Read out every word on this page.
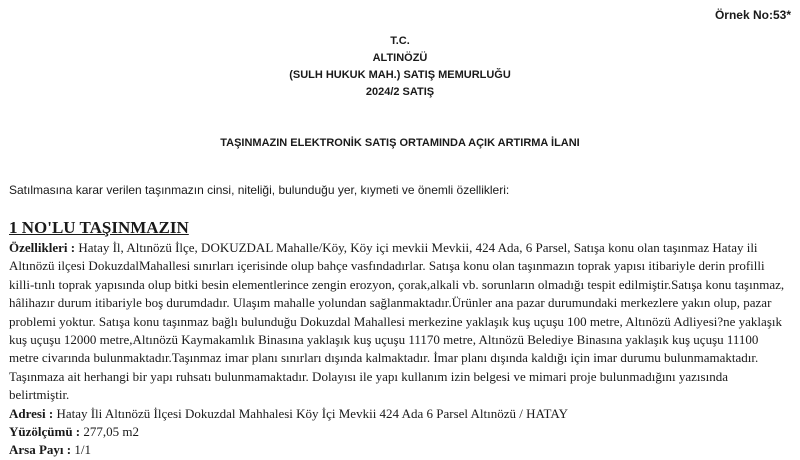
Örnek No:53*
T.C.
ALTINÖZÜ
(SULH HUKUK MAH.) SATIŞ MEMURLUĞU
2024/2 SATIŞ
TAŞINMAZIN ELEKTRONİK SATIŞ ORTAMINDA AÇIK ARTIRMA İLANI
Satılmasına karar verilen taşınmazın cinsi, niteliği, bulunduğu yer, kıymeti ve önemli özellikleri:
1 NO'LU TAŞINMAZIN
Özellikleri : Hatay İl, Altınözü İlçe, DOKUZDAL Mahalle/Köy, Köy içi mevkii Mevkii, 424 Ada, 6 Parsel, Satışa konu olan taşınmaz Hatay ili Altınözü ilçesi DokuzdalMahallesi sınırları içerisinde olup bahçe vasfındadırlar. Satışa konu olan taşınmazın toprak yapısı itibariyle derin profilli killi-tınlı toprak yapısında olup bitki besin elementlerince zengin erozyon, çorak,alkali vb. sorunların olmadığı tespit edilmiştir.Satışa konu taşınmaz, hâlihazır durum itibariyle boş durumdadır. Ulaşım mahalle yolundan sağlanmaktadır.Ürünler ana pazar durumundaki merkezlere yakın olup, pazar problemi yoktur. Satışa konu taşınmaz bağlı bulunduğu Dokuzdal Mahallesi merkezine yaklaşık kuş uçuşu 100 metre, Altınözü Adliyesi?ne yaklaşık kuş uçuşu 12000 metre,Altınözü Kaymakamlık Binasına yaklaşık kuş uçuşu 11170 metre, Altınözü Belediye Binasına yaklaşık kuş uçuşu 11100 metre civarında bulunmaktadır.Taşınmaz imar planı sınırları dışında kalmaktadır. İmar planı dışında kaldığı için imar durumu bulunmamaktadır. Taşınmaza ait herhangi bir yapı ruhsatı bulunmamaktadır. Dolayısı ile yapı kullanım izin belgesi ve mimari proje bulunmadığını yazısında belirtmiştir.
Adresi : Hatay İli Altınözü İlçesi Dokuzdal Mahhalesi Köy İçi Mevkii 424 Ada 6 Parsel Altınözü / HATAY
Yüzölçümü : 277,05 m2
Arsa Payı : 1/1
